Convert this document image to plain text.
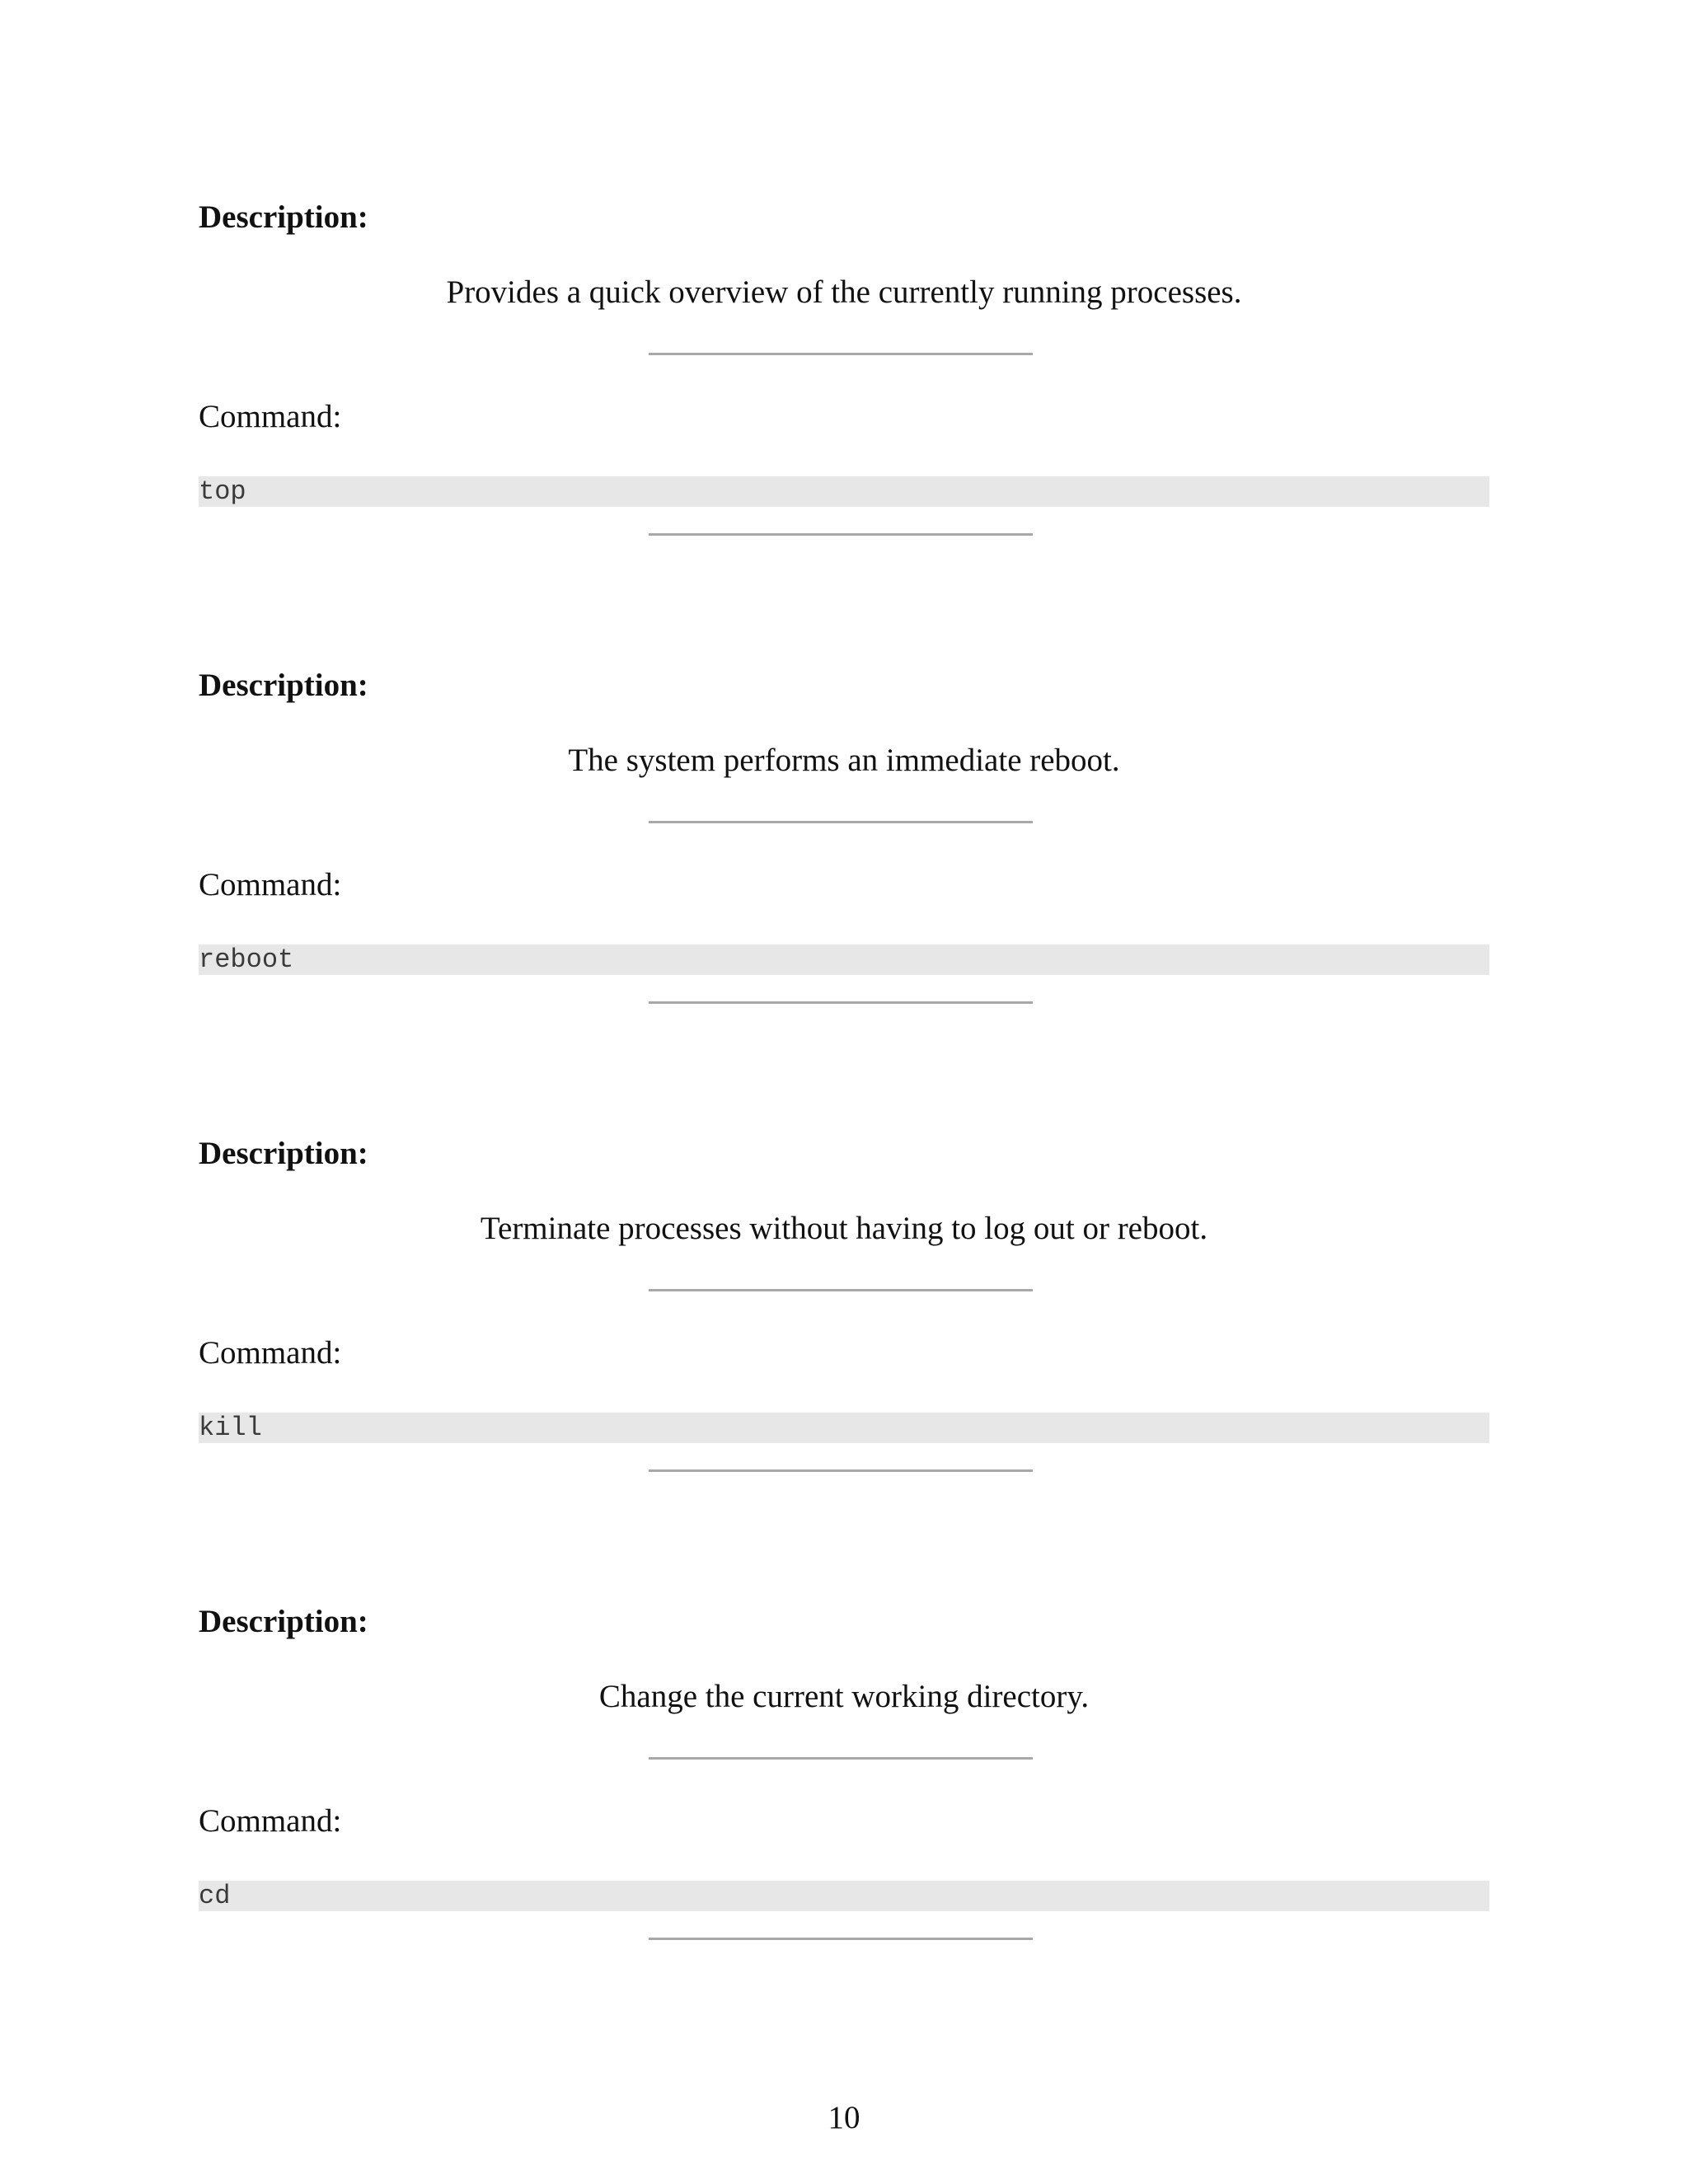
Description:

Provides a quick overview of the currently running processes.

Command:

top

Description:

The system performs an immediate reboot.

Command:

reboot

Description:

Terminate processes without having to log out or reboot.

Command:

kill

Description:

Change the current working directory.

Command:

cd

10
